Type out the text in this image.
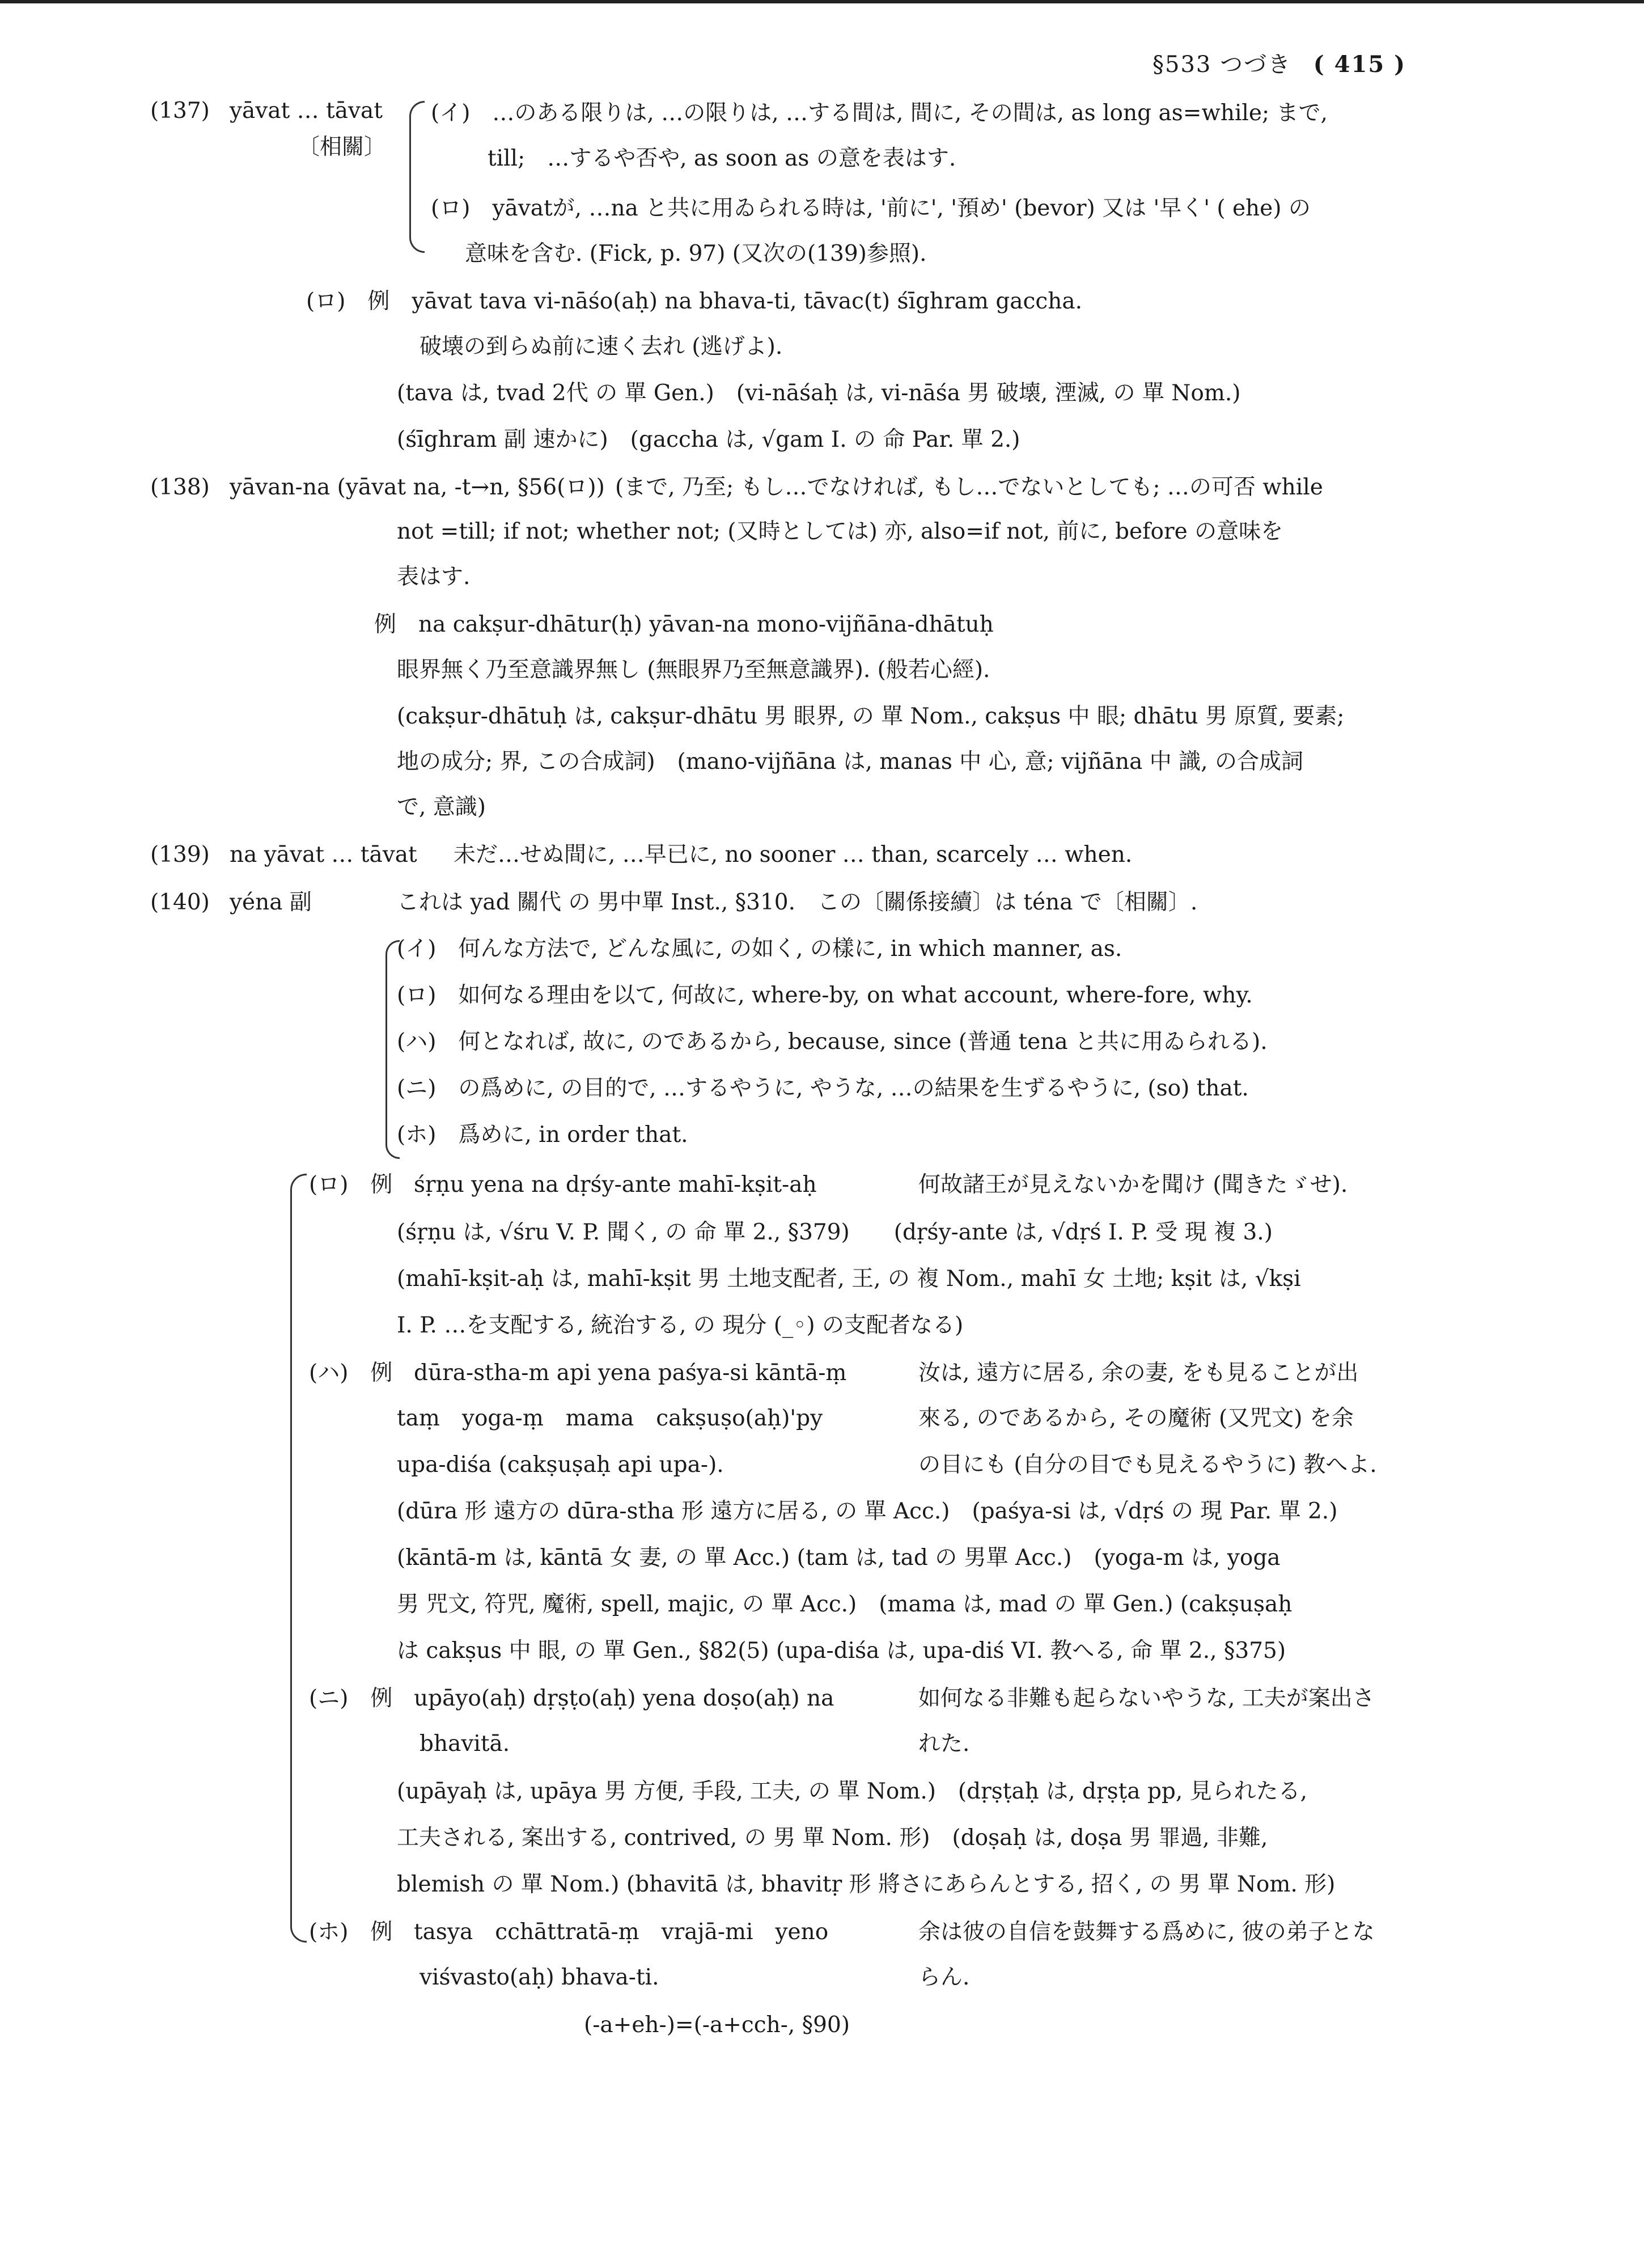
§533 つづき ( 415 )
(137) yāvat … tāvat
〔相關〕
(イ)　…のある限りは, …の限りは, …する間は, 間に, その間は, as long as=while; まで,
till;　…するや否や, as soon as の意を表はす.
(ロ)　yāvatが, …na と共に用ゐられる時は, '前に', '預め' (bevor) 又は '早く' ( ehe) の
意味を含む. (Fick, p. 97) (又次の(139)参照).
(ロ)　例　yāvat tava vi-nāśo(aḥ) na bhava-ti, tāvac(t) śīghram gaccha.
破壊の到らぬ前に速く去れ (逃げよ).
(tava は, tvad 2代 の 單 Gen.)　(vi-nāśaḥ は, vi-nāśa 男 破壊, 湮滅, の 單 Nom.)
(śīghram 副 速かに)　(gaccha は, √gam I. の 命 Par. 單 2.)
(138) yāvan-na (yāvat na, -t→n, §56(ロ)) (まで, 乃至; もし…でなければ, もし…でないとしても; …の可否 while
not =till; if not; whether not; (又時としては) 亦, also=if not, 前に, before の意味を
表はす.
例　na cakṣur-dhātur(ḥ) yāvan-na mono-vijñāna-dhātuḥ
眼界無く乃至意識界無し (無眼界乃至無意識界). (般若心經).
(cakṣur-dhātuḥ は, cakṣur-dhātu 男 眼界, の 單 Nom., cakṣus 中 眼; dhātu 男 原質, 要素;
地の成分; 界, この合成詞)　(mano-vijñāna は, manas 中 心, 意; vijñāna 中 識, の合成詞
で, 意識)
(139) na yāvat … tāvat 未だ…せぬ間に, …早已に, no sooner … than, scarcely … when.
(140) yéna 副	これは yad 關代 の 男中單 Inst., §310.　この〔關係接續〕は téna で〔相關〕.
(イ)　何んな方法で, どんな風に, の如く, の樣に, in which manner, as.
(ロ)　如何なる理由を以て, 何故に, where-by, on what account, where-fore, why.
(ハ)　何となれば, 故に, のであるから, because, since (普通 tena と共に用ゐられる).
(ニ)　の爲めに, の目的で, …するやうに, やうな, …の結果を生ずるやうに, (so) that.
(ホ)　爲めに, in order that.
(ロ)　例 śṛṇu yena na dṛśy-ante mahī-kṣit-aḥ	何故諸王が見えないかを聞け (聞きたゞせ).
(śṛṇu は, √śru V. P. 聞く, の 命 單 2., §379)　　(dṛśy-ante は, √dṛś I. P. 受 現 複 3.)
(mahī-kṣit-aḥ は, mahī-kṣit 男 土地支配者, 王, の 複 Nom., mahī 女 土地; kṣit は, √kṣi
I. P. …を支配する, 統治する, の 現分 (_◦) の支配者なる)
(ハ)　例 dūra-stha-m api yena paśya-si kāntā-ṃ
taṃ　yoga-ṃ　mama　cakṣuṣo(aḥ)'py
upa-diśa (cakṣuṣaḥ api upa-).
汝は, 遠方に居る, 余の妻, をも見ることが出
來る, のであるから, その魔術 (又咒文) を余
の目にも (自分の目でも見えるやうに) 教へよ.
(dūra 形 遠方の dūra-stha 形 遠方に居る, の 單 Acc.)　(paśya-si は, √dṛś の 現 Par. 單 2.)
(kāntā-m は, kāntā 女 妻, の 單 Acc.) (tam は, tad の 男單 Acc.)　(yoga-m は, yoga
男 咒文, 符咒, 魔術, spell, majic, の 單 Acc.)　(mama は, mad の 單 Gen.) (cakṣuṣaḥ
は cakṣus 中 眼, の 單 Gen., §82(5) (upa-diśa は, upa-diś VI. 教へる, 命 單 2., §375)
(ニ)　例 upāyo(aḥ) dṛṣṭo(aḥ) yena doṣo(aḥ) na
bhavitā.
如何なる非難も起らないやうな, 工夫が案出さ
れた.
(upāyaḥ は, upāya 男 方便, 手段, 工夫, の 單 Nom.)　(dṛṣṭaḥ は, dṛṣṭa pp, 見られたる,
工夫される, 案出する, contrived, の 男 單 Nom. 形)　(doṣaḥ は, doṣa 男 罪過, 非難,
blemish の 單 Nom.) (bhavitā は, bhavitṛ 形 將さにあらんとする, 招く, の 男 單 Nom. 形)
(ホ)　例 tasya　cchāttratā-ṃ　vrajā-mi　yeno
viśvasto(aḥ) bhava-ti.
余は彼の自信を鼓舞する爲めに, 彼の弟子とな
らん.
(-a+eh-)=(-a+cch-, §90)
